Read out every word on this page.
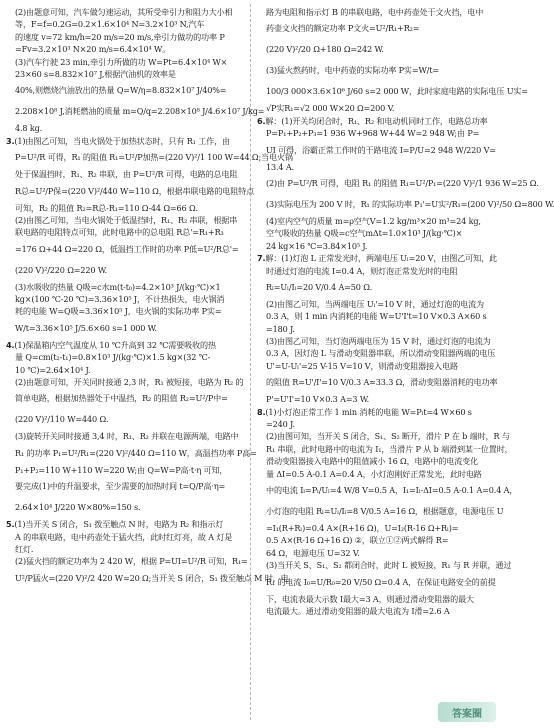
(2)由题意可知，汽车做匀速运动，其所受牵引力和阻力大小相
等，F=f=0.2G=0.2×1.6×10⁴ N=3.2×10³ N,汽车
的速度 v=72 km/h=20 m/s=20 m/s,牵引力做功的功率 P
=Fv=3.2×10³ N×20 m/s=6.4×10⁴ W。
(3)汽车行驶 23 min,牵引力所做的功 W=Pt=6.4×10⁴ W×
23×60 s=8.832×10⁷ J,根据汽油机的效率是
40%,则燃烧汽油放出的热量 Q=W/η=8.832×10⁷ J/40%=
2.208×10⁸ J,消耗燃油的质量 m=Q/q=2.208×10⁸ J/4.6×10⁷ J/kg=
4.8 kg.
3.(1)由图乙可知，当电火锅处于加热状态时，只有 R₁ 工作，由
P=U²/R 可得，R₁ 的阻值 R₁=U²/P加热=(220 V)²/1 100 W=44 Ω;当电火锅
处于保温挡时，R₁、R₂ 串联，由 P=U²/R 可得，电路的总电阻
R总=U²/P保=(220 V)²/440 W=110 Ω，根据串联电路的电阻特点
可知，R₂ 的阻值 R₂=R总-R₁=110 Ω-44 Ω=66 Ω.
(2)由图乙可知，当电火锅处于低温挡时，R₁、R₂ 串联，根据串
联电路的电阻特点可知，此时电路中的总电阻 R总'=R₁+R₃
=176 Ω+44 Ω=220 Ω，低温挡工作时的功率 P低=U²/R总'=
(220 V)²/220 Ω=220 W.
(3)水吸收的热量 Q吸=c水m(t-t₀)=4.2×10³ J/(kg·℃)×1
kg×(100 ℃-20 ℃)=3.36×10⁵ J，不计热损失，电火锅消
耗的电能 W=Q吸=3.36×10⁵ J，电火锅的实际功率 P实=
W/t=3.36×10⁵ J/5.6×60 s=1 000 W.
4.(1)保温箱内空气温度从 10 ℃升高到 32 ℃需要吸收的热
量 Q=cm(t₂-t₁)=0.8×10³ J/(kg·℃)×1.5 kg×(32 ℃-
10 ℃)=2.64×10⁴ J.
(2)由题意可知，开关同时接通 2,3 时，R₁ 被短接，电路为 R₂ 的
简单电路，根据加热器处于中温挡，R₂ 的阻值 R₂=U²/P中=
(220 V)²/110 W=440 Ω.
(3)旋转开关同时接通 3,4 时，R₁、R₂ 并联在电源两端，电路中
R₁ 的功率 P₁=U²/R₁=(220 V)²/440 Ω=110 W，高温挡功率 P高=
P₁+P₂=110 W+110 W=220 W;由 Q=W=P高·t·η 可知，
要完成(1)中的升温要求，至少需要的加热时间 t=Q/P高·η=
2.64×10⁴ J/220 W×80%=150 s.
5.(1)当开关 S 闭合，S₁ 拨至触点 N 时，电路为 R₂ 和指示灯
A 的串联电路，电中药壶处于猛火挡，此时红灯亮，故 A 灯是
红灯.
(2)猛火挡的额定功率为 2 420 W，根据 P=UI=U²/R 可知，R₁=
U²/P猛火=(220 V)²/2 420 W=20 Ω;当开关 S 闭合，S₁ 拨至触点 M 时，电
路为电阻和指示灯 B 的串联电路，电中药壶处于文火挡，电中
药壶文火挡的额定功率 P文火=U²/R₁+R₂=
(220 V)²/20 Ω+180 Ω=242 W.
(3)猛火熬药时，电中药壶的实际功率 P实=W/t=
100/3 000×3.6×10⁶ J/60 s=2 000 W，此时家庭电路的实际电压 U实=
√P实R₁=√2 000 W×20 Ω=200 V.
6.解：(1)开关均闭合时，R₁、R₂ 和电动机同时工作，电路总功率
P=P₁+P₂+P₃=1 936 W+968 W+44 W=2 948 W;由 P=
UI 可得，浴霸正常工作时的干路电流 I=P/U=2 948 W/220 V=
13.4 A.
(2)由 P=U²/R 可得，电阻 R₁ 的阻值 R₁=U²/P₁=(220 V)²/1 936 W=25 Ω.
(3)实际电压为 200 V 时，R₁ 的实际功率 P₁'=U实²/R₁=(200 V)²/50 Ω=800 W.
(4)室内空气的质量 m=ρ空气V=1.2 kg/m³×20 m³=24 kg,
空气吸收的热量 Q吸=c空气mΔt=1.0×10³ J/(kg·℃)×
24 kg×16 ℃=3.84×10⁵ J.
7.解：(1)灯泡 L 正常发光时，两端电压 Uₗ=20 V，由图乙可知，此
时通过灯泡的电流 I=0.4 A，则灯泡正常发光时的电阻
Rₗ=Uₗ/Iₗ=20 V/0.4 A=50 Ω.
(2)由图乙可知，当两端电压 Uₗ'=10 V 时，通过灯泡的电流为
0.3 A，则 1 min 内消耗的电能 W=U'I't=10 V×0.3 A×60 s
=180 J.
(3)由图乙可知，当灯泡两端电压为 15 V 时，通过灯泡的电流为
0.3 A，因灯泡 L 与滑动变阻器串联，所以滑动变阻器两端的电压
U'=U-Uₗ'=25 V-15 V=10 V，则滑动变阻器接入电路
的阻值 R=U'/I'=10 V/0.3 A≈33.3 Ω，滑动变阻器消耗的电功率
P'=U'I'=10 V×0.3 A=3 W.
8.(1)小灯泡正常工作 1 min 消耗的电能 W=Pₗt=4 W×60 s
=240 J.
(2)由图可知，当开关 S 闭合，S₁、S₂ 断开，滑片 P 在 b 端时，R 与
R₁ 串联，此时电路中的电流为 I₁，当滑片 P 从 b 端滑到某一位置时，
滑动变阻器接入电路中的阻值减小 16 Ω，电路中的电流变化
量 ΔI=0.5 A-0.1 A=0.4 A，小灯泡刚好正常发光，此时电路
中的电流 Iₗ=Pₗ/Uₗ=4 W/8 V=0.5 A，I₁=Iₗ-ΔI=0.5 A-0.1 A=0.4 A，
小灯泡的电阻 Rₗ=Uₗ/Iₗ=8 V/0.5 A=16 Ω，根据题意，电源电压 U
=I₁(R+Rₗ)=0.4 A×(R+16 Ω)，U=I₂(R-16 Ω+Rₗ)=
0.5 A×(R-16 Ω+16 Ω) ②，联立①②两式解得 R=
64 Ω，电源电压 U=32 V.
(3)当开关 S、S₁、S₂ 都闭合时，此时 L 被短接，R₁ 与 R 并联，通过
R₁ 的电流 I₀=U/R₀=20 V/50 Ω=0.4 A，在保证电路安全的前提
下，电流表最大示数 I最大=3 A，则通过滑动变阻器的最大
电流最大。通过滑动变阻器的最大电流为 I滑=2.6 A
答案圈
